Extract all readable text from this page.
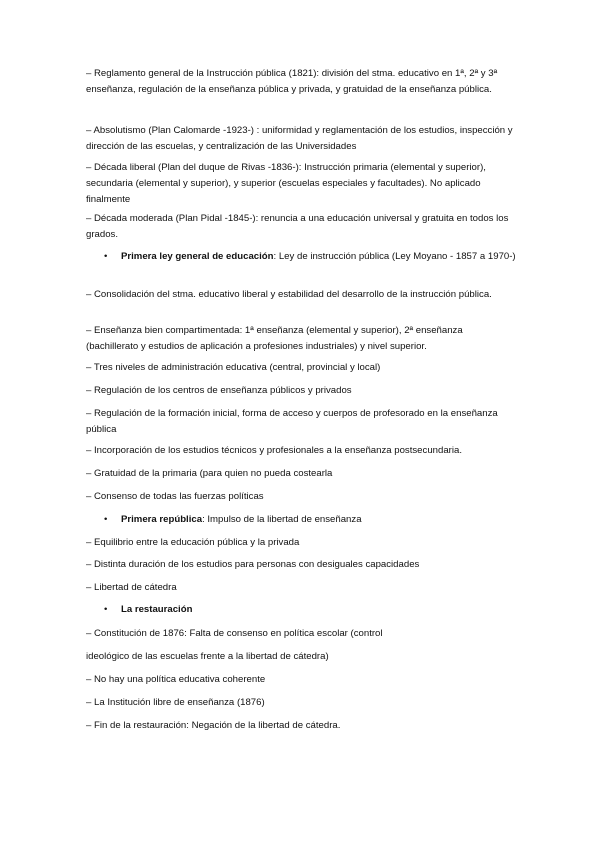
– Reglamento general de la Instrucción pública (1821): división del stma. educativo en 1ª, 2ª y 3ª enseñanza, regulación de la enseñanza pública y privada, y gratuidad de la enseñanza pública.

– Absolutismo (Plan Calomarde -1923-) : uniformidad y reglamentación de los estudios, inspección y dirección de las escuelas, y centralización de las Universidades

– Década liberal (Plan del duque de Rivas -1836-): Instrucción primaria (elemental y superior), secundaria (elemental y superior), y superior (escuelas especiales y facultades). No aplicado finalmente

– Década moderada (Plan Pidal -1845-): renuncia a una educación universal y gratuita en todos los grados.

• Primera ley general de educación: Ley de instrucción pública (Ley Moyano - 1857 a 1970-)

– Consolidación del stma. educativo liberal y estabilidad del desarrollo de la instrucción pública.

– Enseñanza bien compartimentada: 1ª enseñanza (elemental y superior), 2ª enseñanza (bachillerato y estudios de aplicación a profesiones industriales) y nivel superior.

– Tres niveles de administración educativa (central, provincial y local)

– Regulación de los centros de enseñanza públicos y privados

– Regulación de la formación inicial, forma de acceso y cuerpos de profesorado en la enseñanza pública

– Incorporación de los estudios técnicos y profesionales a la enseñanza postsecundaria.

– Gratuidad de la primaria (para quien no pueda costearla

– Consenso de todas las fuerzas políticas

• Primera república: Impulso de la libertad de enseñanza

– Equilibrio entre la educación pública y la privada

– Distinta duración de los estudios para personas con desiguales capacidades

– Libertad de cátedra

• La restauración

– Constitución de 1876: Falta de consenso en política escolar (control

ideológico de las escuelas frente a la libertad de cátedra)

– No hay una política educativa coherente

– La Institución libre de enseñanza (1876)

– Fin de la restauración: Negación de la libertad de cátedra.
